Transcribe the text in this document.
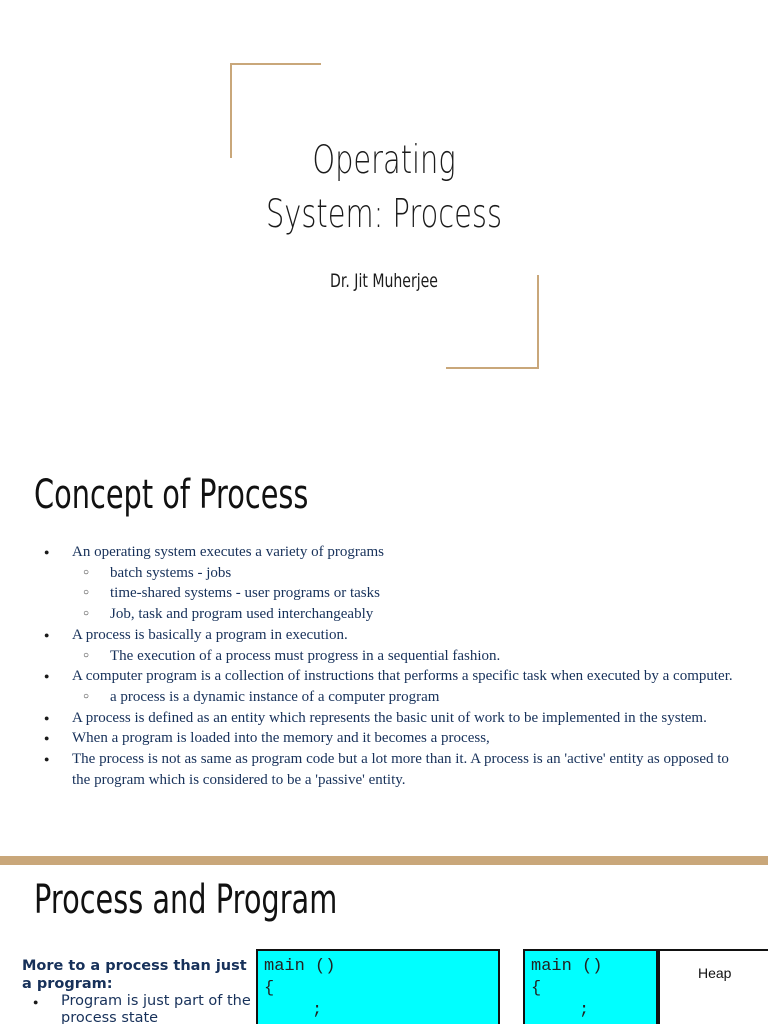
Operating
System: Process
Dr. Jit Muherjee
Concept of Process
● An operating system executes a variety of programs
○ batch systems - jobs
○ time-shared systems - user programs or tasks
○ Job, task and program used interchangeably
● A process is basically a program in execution.
○ The execution of a process must progress in a sequential fashion.
● A computer program is a collection of instructions that performs a specific task when executed by a computer.
○ a process is a dynamic instance of a computer program
● A process is defined as an entity which represents the basic unit of work to be implemented in the system.
● When a program is loaded into the memory and it becomes a process,
● The process is not as same as program code but a lot more than it. A process is an 'active' entity as opposed to the program which is considered to be a 'passive' entity.
Process and Program
More to a process than just a program:
● Program is just part of the process state
main ()
{
;
main ()
{
;
Heap
